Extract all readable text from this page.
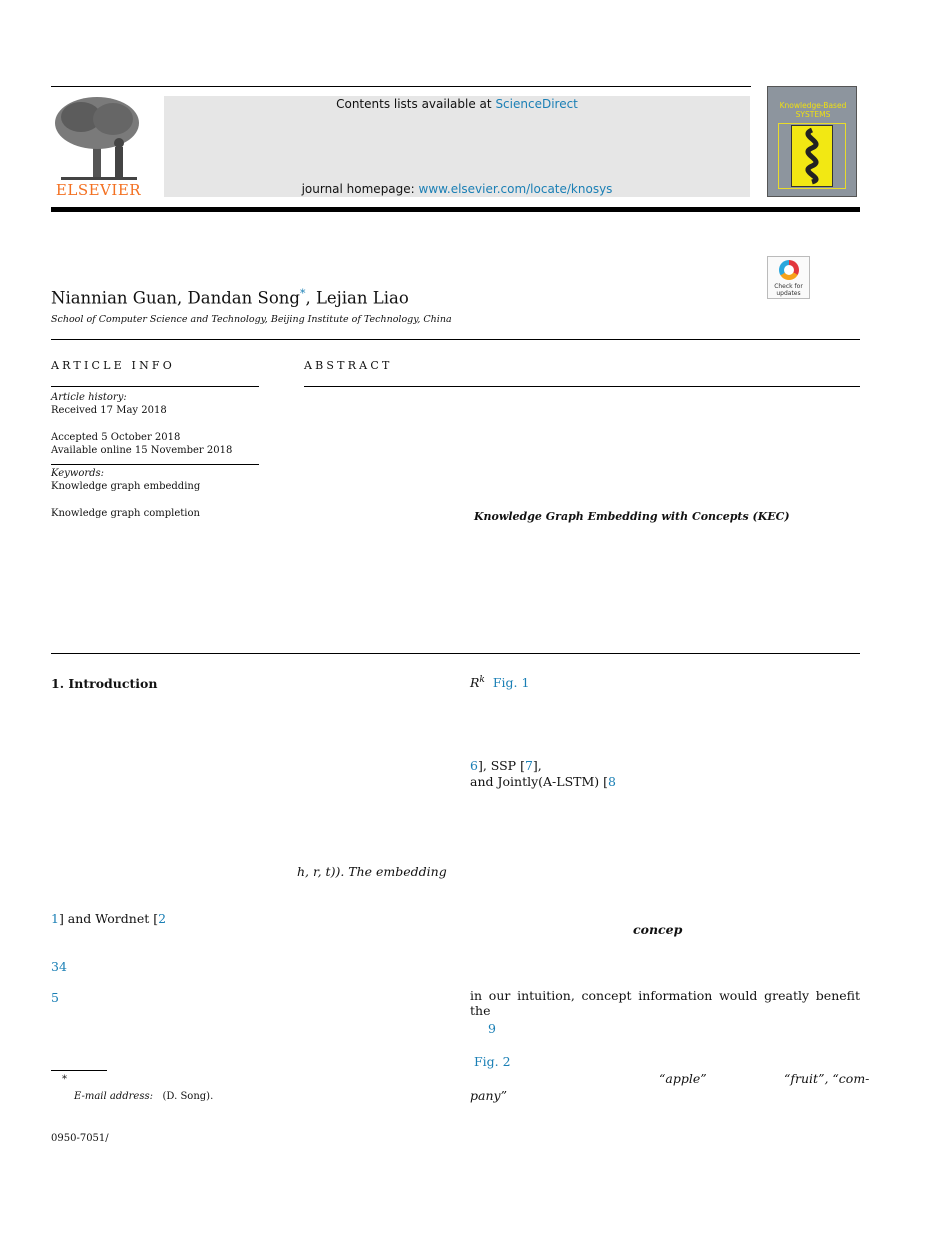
ELSEVIER
Contents lists available at ScienceDirect
journal homepage: www.elsevier.com/locate/knosys
Knowledge-Based SYSTEMS
Check for updates
Niannian Guan, Dandan Song*, Lejian Liao
School of Computer Science and Technology, Beijing Institute of Technology, China
ARTICLE INFO	ABSTRACT
Article history:
Received 17 May 2018
Accepted 5 October 2018
Available online 15 November 2018
Keywords:
Knowledge graph embedding
Knowledge graph completion	Knowledge Graph Embedding with Concepts (KEC)
1. Introduction
h, r, t)). The embedding
1] and Wordnet [2
34
5
*
E-mail address: (D. Song).
0950-7051/
$R^k$ Fig. 1
6], SSP [7],
and Jointly(A-LSTM) [8
concep
in our intuition, concept information would greatly benefit the
9
Fig. 2
“apple”	“fruit”, “com-
pany”
